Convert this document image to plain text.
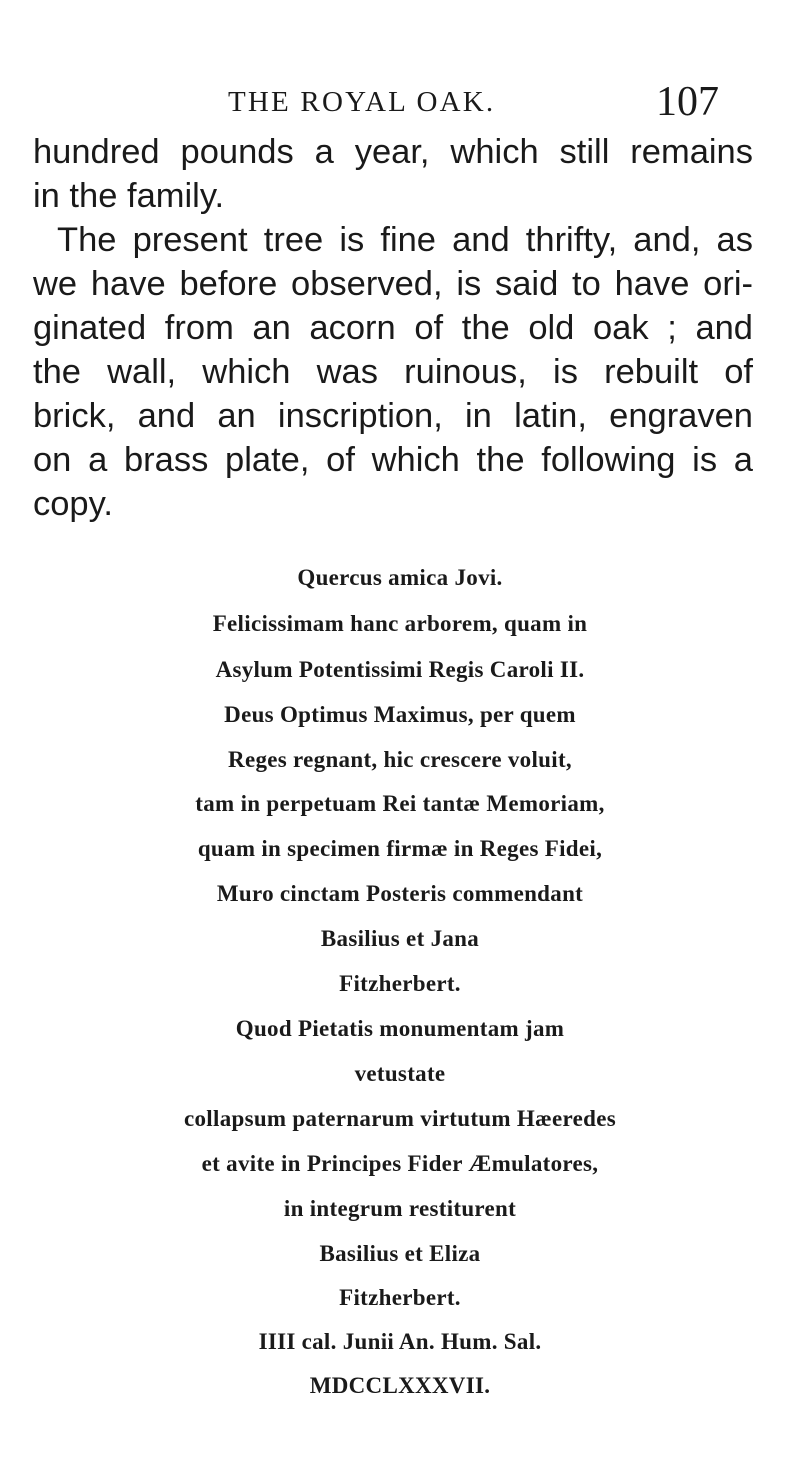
THE ROYAL OAK.	107
hundred pounds a year, which still remains
in the family.
The present tree is fine and thrifty, and, as
we have before observed, is said to have ori-
ginated from an acorn of the old oak ; and
the wall, which was ruinous, is rebuilt of
brick, and an inscription, in latin, engraven
on a brass plate, of which the following is a
copy.
Quercus amica Jovi.
Felicissimam hanc arborem, quam in
Asylum Potentissimi Regis Caroli II.
Deus Optimus Maximus, per quem
Reges regnant, hic crescere voluit,
tam in perpetuam Rei tantæ Memoriam,
quam in specimen firmæ in Reges Fidei,
Muro cinctam Posteris commendant
Basilius et Jana
Fitzherbert.
Quod Pietatis monumentam jam
vetustate
collapsum paternarum virtutum Hæeredes
et avite in Principes Fider Æmulatores,
in integrum restiturent
Basilius et Eliza
Fitzherbert.
IIII cal. Junii An. Hum. Sal.
MDCCLXXXVII.
